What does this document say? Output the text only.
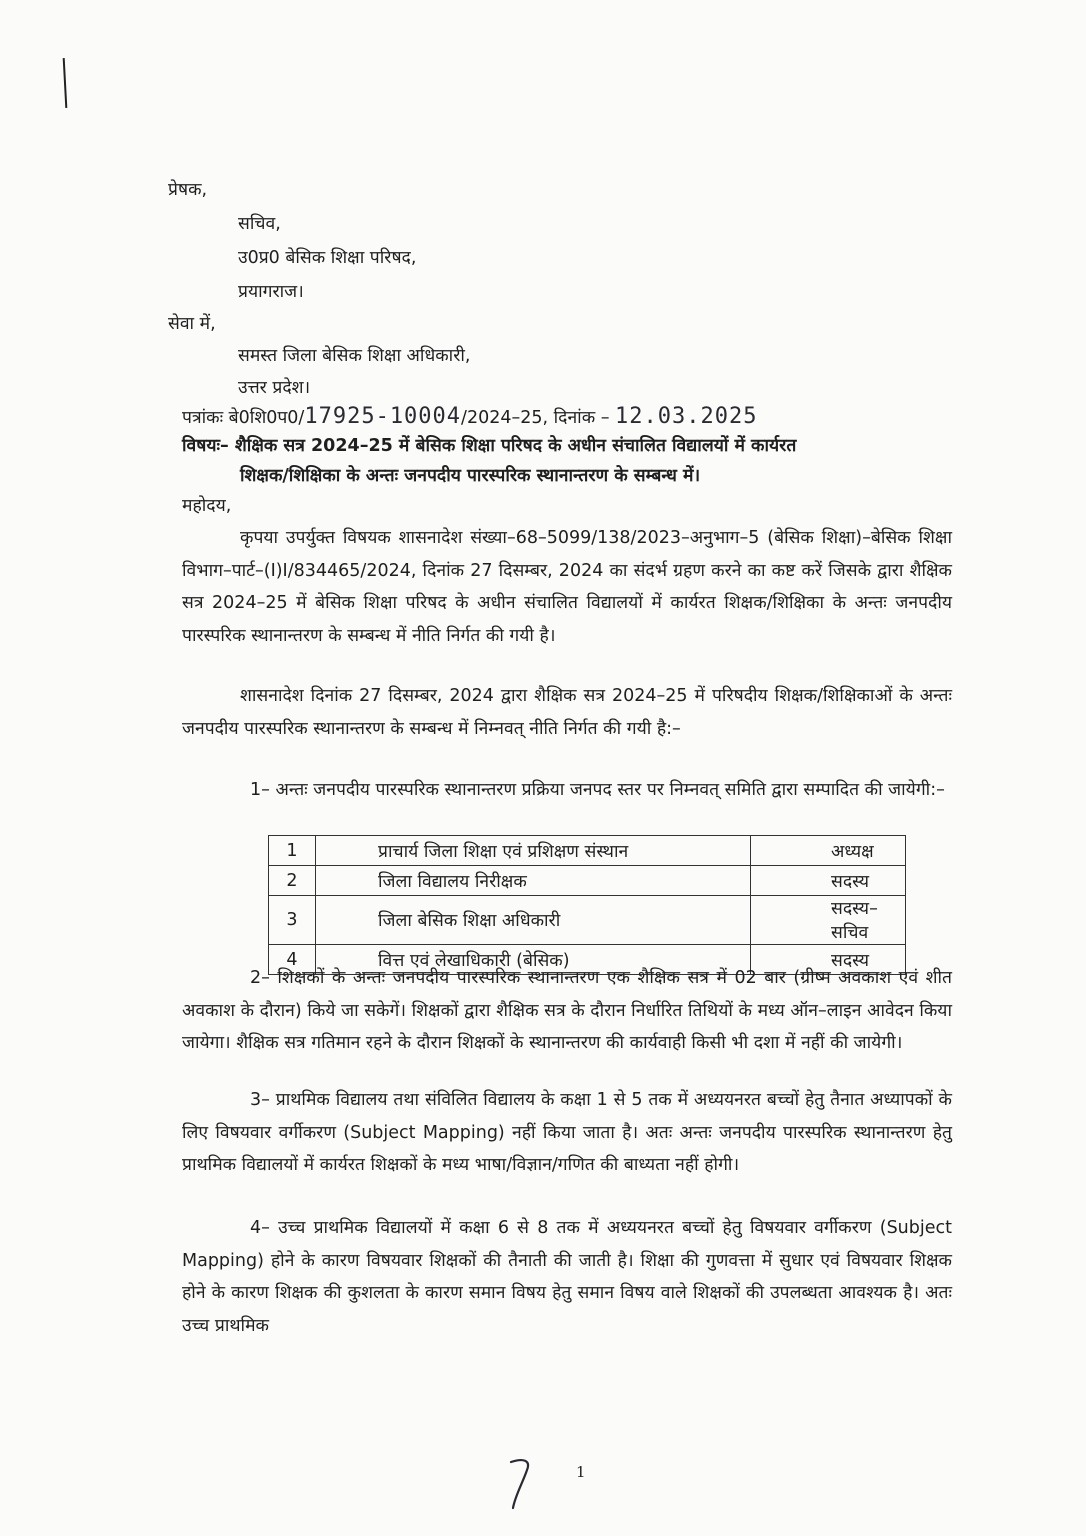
प्रेषक,
सचिव,
उ0प्र0 बेसिक शिक्षा परिषद,
प्रयागराज।
सेवा में,
समस्त जिला बेसिक शिक्षा अधिकारी,
उत्तर प्रदेश।
पत्रांकः बे0शि0प0/17925-10004/2024–25, दिनांक – 12.03.2025
विषयः– शैक्षिक सत्र 2024–25 में बेसिक शिक्षा परिषद के अधीन संचालित विद्यालयों में कार्यरत
शिक्षक/शिक्षिका के अन्तः जनपदीय पारस्परिक स्थानान्तरण के सम्बन्ध में।
महोदय,
कृपया उपर्युक्त विषयक शासनादेश संख्या–68–5099/138/2023–अनुभाग–5 (बेसिक शिक्षा)–बेसिक शिक्षा विभाग–पार्ट–(I)I/834465/2024, दिनांक 27 दिसम्बर, 2024 का संदर्भ ग्रहण करने का कष्ट करें जिसके द्वारा शैक्षिक सत्र 2024–25 में बेसिक शिक्षा परिषद के अधीन संचालित विद्यालयों में कार्यरत शिक्षक/शिक्षिका के अन्तः जनपदीय पारस्परिक स्थानान्तरण के सम्बन्ध में नीति निर्गत की गयी है।
शासनादेश दिनांक 27 दिसम्बर, 2024 द्वारा शैक्षिक सत्र 2024–25 में परिषदीय शिक्षक/शिक्षिकाओं के अन्तः जनपदीय पारस्परिक स्थानान्तरण के सम्बन्ध में निम्नवत् नीति निर्गत की गयी है:–
1– अन्तः जनपदीय पारस्परिक स्थानान्तरण प्रक्रिया जनपद स्तर पर निम्नवत् समिति द्वारा सम्पादित की जायेगी:–
1	प्राचार्य जिला शिक्षा एवं प्रशिक्षण संस्थान	अध्यक्ष
2	जिला विद्यालय निरीक्षक	सदस्य
3	जिला बेसिक शिक्षा अधिकारी	सदस्य–सचिव
4	वित्त एवं लेखाधिकारी (बेसिक)	सदस्य
2– शिक्षकों के अन्तः जनपदीय पारस्परिक स्थानान्तरण एक शैक्षिक सत्र में 02 बार (ग्रीष्म अवकाश एवं शीत अवकाश के दौरान) किये जा सकेगें। शिक्षकों द्वारा शैक्षिक सत्र के दौरान निर्धारित तिथियों के मध्य ऑन–लाइन आवेदन किया जायेगा। शैक्षिक सत्र गतिमान रहने के दौरान शिक्षकों के स्थानान्तरण की कार्यवाही किसी भी दशा में नहीं की जायेगी।
3– प्राथमिक विद्यालय तथा संविलित विद्यालय के कक्षा 1 से 5 तक में अध्ययनरत बच्चों हेतु तैनात अध्यापकों के लिए विषयवार वर्गीकरण (Subject Mapping) नहीं किया जाता है। अतः अन्तः जनपदीय पारस्परिक स्थानान्तरण हेतु प्राथमिक विद्यालयों में कार्यरत शिक्षकों के मध्य भाषा/विज्ञान/गणित की बाध्यता नहीं होगी।
4– उच्च प्राथमिक विद्यालयों में कक्षा 6 से 8 तक में अध्ययनरत बच्चों हेतु विषयवार वर्गीकरण (Subject Mapping) होने के कारण विषयवार शिक्षकों की तैनाती की जाती है। शिक्षा की गुणवत्ता में सुधार एवं विषयवार शिक्षक होने के कारण शिक्षक की कुशलता के कारण समान विषय हेतु समान विषय वाले शिक्षकों की उपलब्धता आवश्यक है। अतः उच्च प्राथमिक
1
